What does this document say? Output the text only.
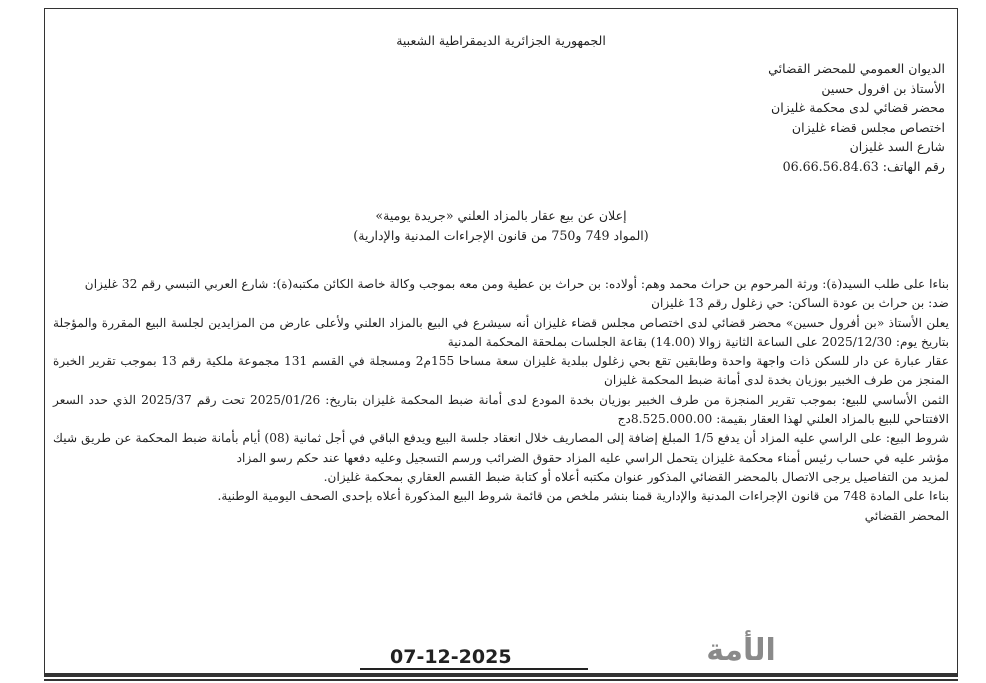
الجمهورية الجزائرية الديمقراطية الشعبية
الديوان العمومي للمحضر القضائي
الأستاذ بن افرول حسين
محضر قضائي لدى محكمة غليزان
اختصاص مجلس قضاء غليزان
شارع السد غليزان
رقم الهاتف: 06.66.56.84.63
إعلان عن بيع عقار بالمزاد العلني «جريدة يومية»
(المواد 749 و750 من قانون الإجراءات المدنية والإدارية)

بناءا على طلب السيد(ة): ورثة المرحوم بن حراث محمد وهم: أولاده: بن حراث بن عطية ومن معه بموجب وكالة خاصة الكائن مكتبه(ة): شارع العربي التبسي رقم 32 غليزان

ضد: بن حراث بن عودة الساكن: حي زغلول رقم 13 غليزان

يعلن الأستاذ «بن أفرول حسين» محضر قضائي لدى اختصاص مجلس قضاء غليزان أنه سيشرع في البيع بالمزاد العلني ولأعلى عارض من المزايدين لجلسة البيع المقررة والمؤجلة بتاريخ يوم: 2025/12/30 على الساعة الثانية زوالا (14.00) بقاعة الجلسات بملحقة المحكمة المدنية

عقار عبارة عن دار للسكن ذات واجهة واحدة وطابقين تقع بحي زغلول ببلدية غليزان سعة مساحا 155م2 ومسجلة في القسم 131 مجموعة ملكية رقم 13 بموجب تقرير الخبرة المنجز من طرف الخبير بوزيان بخدة لدى أمانة ضبط المحكمة غليزان

الثمن الأساسي للبيع: بموجب تقرير المنجزة من طرف الخبير بوزيان بخدة المودع لدى أمانة ضبط المحكمة غليزان بتاريخ: 2025/01/26 تحت رقم 2025/37 الذي حدد السعر الافتتاحي للبيع بالمزاد العلني لهذا العقار بقيمة: 8.525.000.00دج

شروط البيع: على الراسي عليه المزاد أن يدفع 1/5 المبلغ إضافة إلى المصاريف خلال انعقاد جلسة البيع ويدفع الباقي في أجل ثمانية (08) أيام بأمانة ضبط المحكمة عن طريق شيك مؤشر عليه في حساب رئيس أمناء محكمة غليزان يتحمل الراسي عليه المزاد حقوق الضرائب ورسم التسجيل وعليه دفعها عند حكم رسو المزاد

لمزيد من التفاصيل يرجى الاتصال بالمحضر القضائي المذكور عنوان مكتبه أعلاه أو كتابة ضبط القسم العقاري بمحكمة غليزان.

بناءا على المادة 748 من قانون الإجراءات المدنية والإدارية قمنا بنشر ملخص من قائمة شروط البيع المذكورة أعلاه بإحدى الصحف اليومية الوطنية.

المحضر القضائي

الأمة
07-12-2025
